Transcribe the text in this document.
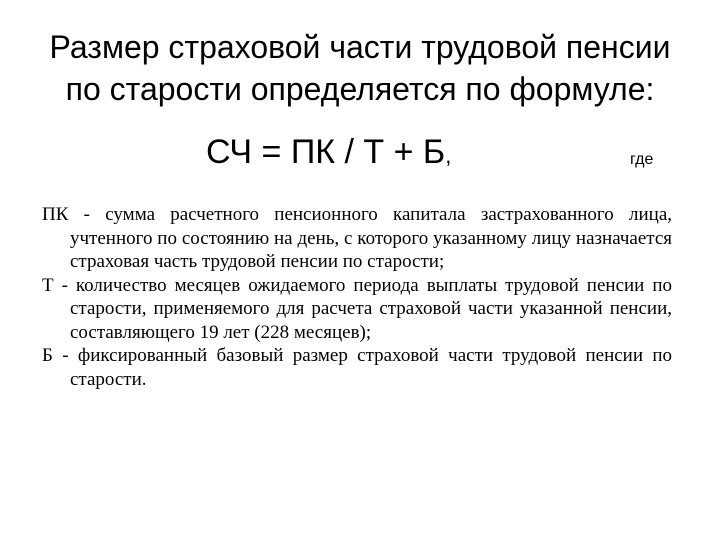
Размер страховой части трудовой пенсии
по старости определяется по формуле:
СЧ = ПК / Т + Б,	где
ПК - сумма расчетного пенсионного капитала застрахованного лица, учтенного по состоянию на день, с которого указанному лицу назначается страховая часть трудовой пенсии по старости;
Т - количество месяцев ожидаемого периода выплаты трудовой пенсии по старости, применяемого для расчета страховой части указанной пенсии, составляющего 19 лет (228 месяцев);
Б - фиксированный базовый размер страховой части трудовой пенсии по старости.
